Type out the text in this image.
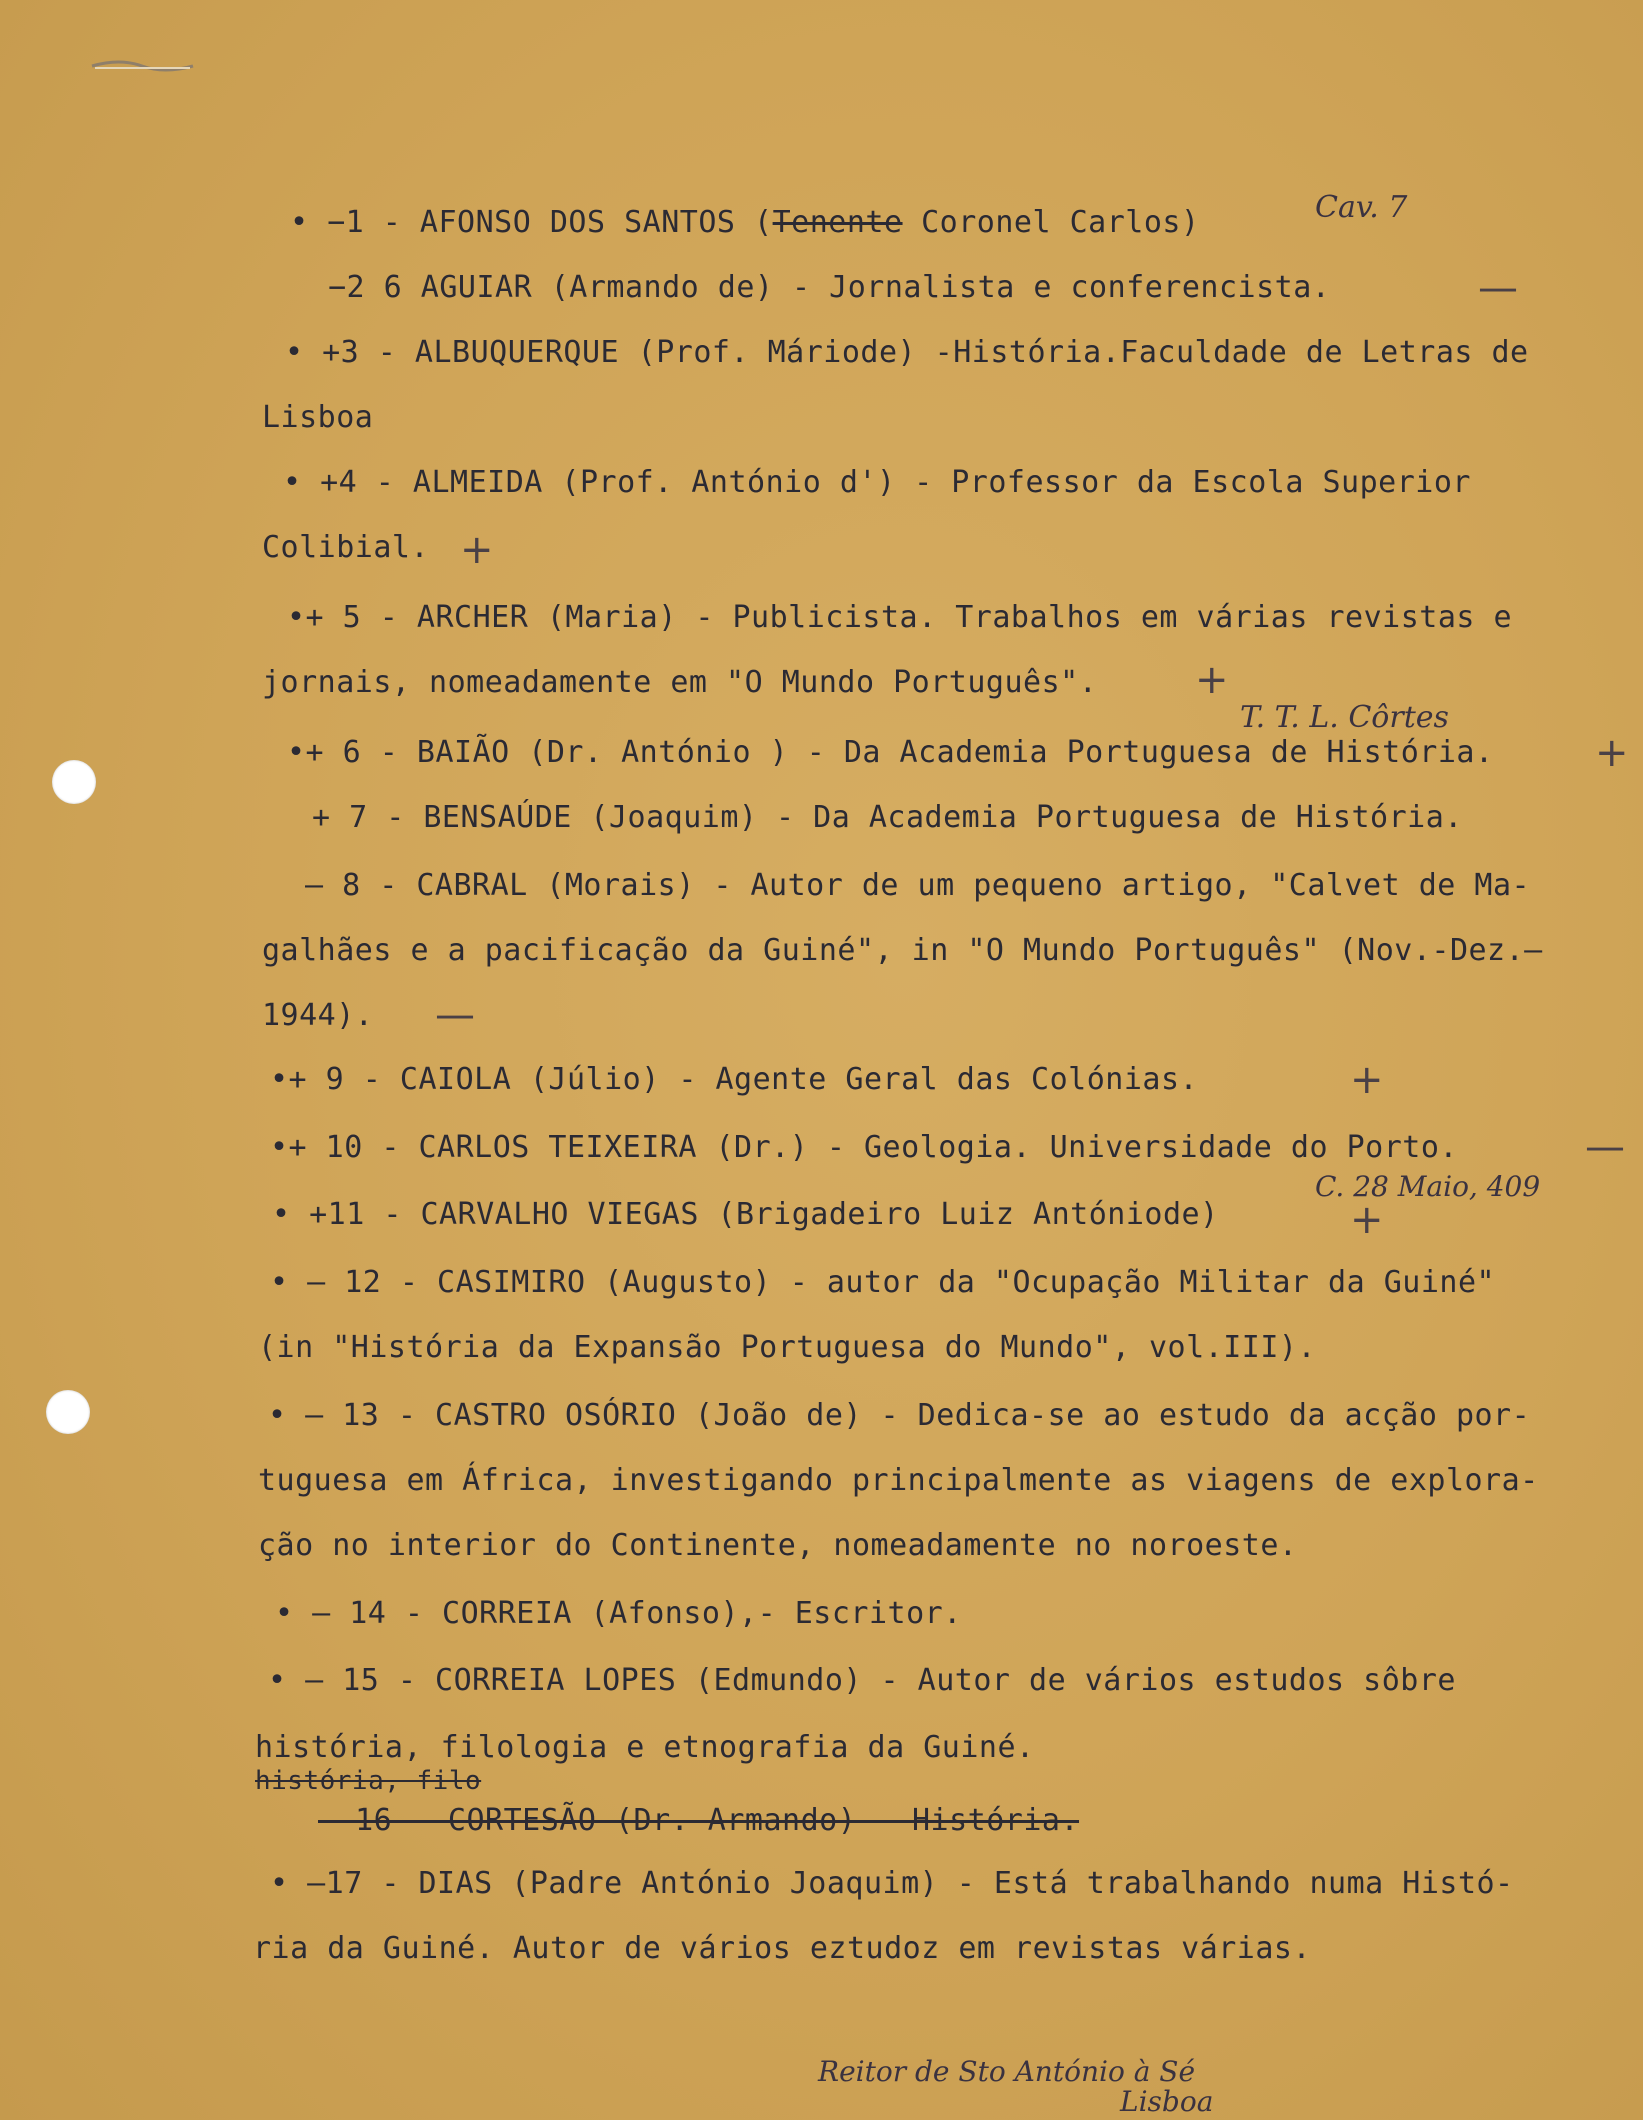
• −1 - AFONSO DOS SANTOS (Tenente Coronel Carlos)
−2 6 AGUIAR (Armando de) - Jornalista e conferencista.
• +3 - ALBUQUERQUE (Prof. Máriode) -História.Faculdade de Letras de
Lisboa
• +4 - ALMEIDA (Prof. António d') - Professor da Escola Superior
Colibial.
•+ 5 - ARCHER (Maria) - Publicista. Trabalhos em várias revistas e
jornais, nomeadamente em "O Mundo Português".
•+ 6 - BAIÃO (Dr. António ) - Da Academia Portuguesa de História.
+ 7 - BENSAÚDE (Joaquim) - Da Academia Portuguesa de História.
— 8 - CABRAL (Morais) - Autor de um pequeno artigo, "Calvet de Ma-
galhães e a pacificação da Guiné", in "O Mundo Português" (Nov.-Dez.—
1944).
•+ 9 - CAIOLA (Júlio) - Agente Geral das Colónias.
•+ 10 - CARLOS TEIXEIRA (Dr.) - Geologia. Universidade do Porto.
• +11 - CARVALHO VIEGAS (Brigadeiro Luiz Antóniode)
• — 12 - CASIMIRO (Augusto) - autor da "Ocupação Militar da Guiné"
(in "História da Expansão Portuguesa do Mundo", vol.III).
• — 13 - CASTRO OSÓRIO (João de) - Dedica-se ao estudo da acção por-
tuguesa em África, investigando principalmente as viagens de explora-
ção no interior do Continente, nomeadamente no noroeste.
• — 14 - CORREIA (Afonso),- Escritor.
• — 15 - CORREIA LOPES (Edmundo) - Autor de vários estudos sôbre
história, filologia e etnografia da Guiné.
história, filo
— 16 - CORTESÃO (Dr. Armando) - História.
• —17 - DIAS (Padre António Joaquim) - Está trabalhando numa Histó-
ria da Guiné. Autor de vários eztudoz em revistas várias.
Cav. 7
T. T. L. Côrtes
C. 28 Maio, 409
Reitor de Sto António à Sé
Lisboa
—
+
+
+
—
+
—
+
